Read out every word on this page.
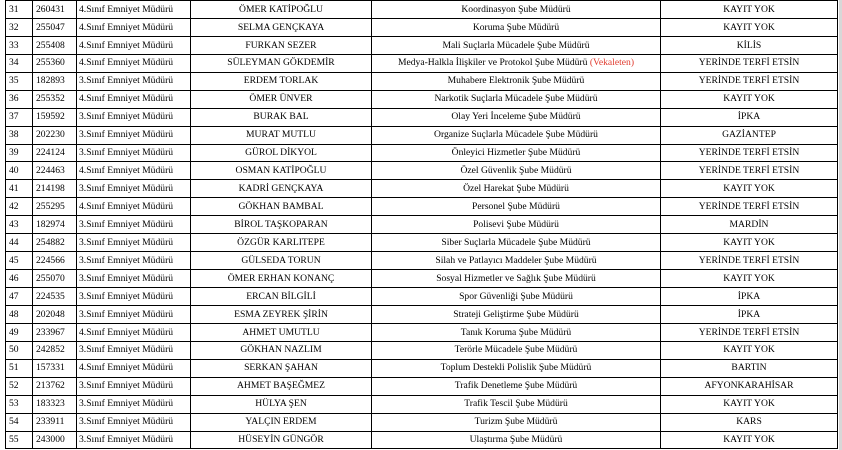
31	260431	4.Sınıf Emniyet Müdürü	ÖMER KATİPOĞLU	Koordinasyon Şube Müdürü	KAYIT YOK
32	255047	4.Sınıf Emniyet Müdürü	SELMA GENÇKAYA	Koruma Şube Müdürü	KAYIT YOK
33	255408	4.Sınıf Emniyet Müdürü	FURKAN SEZER	Mali Suçlarla Mücadele Şube Müdürü	KİLİS
34	255360	4.Sınıf Emniyet Müdürü	SÜLEYMAN GÖKDEMİR	Medya-Halkla İlişkiler ve Protokol Şube Müdürü (Vekaleten)	YERİNDE TERFİ ETSİN
35	182893	3.Sınıf Emniyet Müdürü	ERDEM TORLAK	Muhabere Elektronik Şube Müdürü	YERİNDE TERFİ ETSİN
36	255352	4.Sınıf Emniyet Müdürü	ÖMER ÜNVER	Narkotik Suçlarla Mücadele Şube Müdürü	KAYIT YOK
37	159592	3.Sınıf Emniyet Müdürü	BURAK BAL	Olay Yeri İnceleme Şube Müdürü	İPKA
38	202230	3.Sınıf Emniyet Müdürü	MURAT MUTLU	Organize Suçlarla Mücadele Şube Müdürü	GAZİANTEP
39	224124	3.Sınıf Emniyet Müdürü	GÜROL DİKYOL	Önleyici Hizmetler Şube Müdürü	YERİNDE TERFİ ETSİN
40	224463	4.Sınıf Emniyet Müdürü	OSMAN KATİPOĞLU	Özel Güvenlik Şube Müdürü	YERİNDE TERFİ ETSİN
41	214198	3.Sınıf Emniyet Müdürü	KADRİ GENÇKAYA	Özel Harekat Şube Müdürü	KAYIT YOK
42	255295	4.Sınıf Emniyet Müdürü	GÖKHAN BAMBAL	Personel Şube Müdürü	YERİNDE TERFİ ETSİN
43	182974	3.Sınıf Emniyet Müdürü	BİROL TAŞKOPARAN	Polisevi Şube Müdürü	MARDİN
44	254882	3.Sınıf Emniyet Müdürü	ÖZGÜR KARLITEPE	Siber Suçlarla Mücadele Şube Müdürü	KAYIT YOK
45	224566	3.Sınıf Emniyet Müdürü	GÜLSEDA TORUN	Silah ve Patlayıcı Maddeler Şube Müdürü	YERİNDE TERFİ ETSİN
46	255070	3.Sınıf Emniyet Müdürü	ÖMER ERHAN KONANÇ	Sosyal Hizmetler ve Sağlık Şube Müdürü	KAYIT YOK
47	224535	3.Sınıf Emniyet Müdürü	ERCAN BİLGİLİ	Spor Güvenliği Şube Müdürü	İPKA
48	202048	3.Sınıf Emniyet Müdürü	ESMA ZEYREK ŞİRİN	Strateji Geliştirme Şube Müdürü	İPKA
49	233967	4.Sınıf Emniyet Müdürü	AHMET UMUTLU	Tanık Koruma Şube Müdürü	YERİNDE TERFİ ETSİN
50	242852	3.Sınıf Emniyet Müdürü	GÖKHAN NAZLIM	Terörle Mücadele Şube Müdürü	KAYIT YOK
51	157331	4.Sınıf Emniyet Müdürü	SERKAN ŞAHAN	Toplum Destekli Polislik Şube Müdürü	BARTIN
52	213762	3.Sınıf Emniyet Müdürü	AHMET BAŞEĞMEZ	Trafik Denetleme Şube Müdürü	AFYONKARAHİSAR
53	183323	3.Sınıf Emniyet Müdürü	HÜLYA ŞEN	Trafik Tescil Şube Müdürü	KAYIT YOK
54	233911	3.Sınıf Emniyet Müdürü	YALÇIN ERDEM	Turizm Şube Müdürü	KARS
55	243000	3.Sınıf Emniyet Müdürü	HÜSEYİN GÜNGÖR	Ulaştırma Şube Müdürü	KAYIT YOK
